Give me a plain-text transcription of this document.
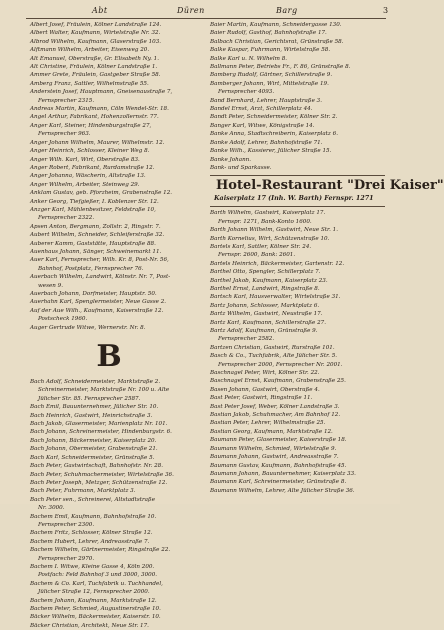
Abt	Düren	Barg	3
Albert Josef, Fräulein, Kölner Landstraße 124.
Albert Walter, Kaufmann, Wirtelstraße Nr. 32.
Albrod Wilhelm, Kaufmann, Glaserstraße 103.
Alftmann Wilhelm, Arbeiter, Eisenweg 20.
Alt Emanuel, Oberstraße, Gr. Elisabeth Ny. 1.
Alt Christine, Fräulein, Kölner Landstraße 1.
Ammer Grete, Fräulein, Gastgeber Straße 58.
Amberg Franz, Sattler, Wilhelmstraße 55.
Anderstein Josef, Hauptmann, Gneisenaustraße 7,
Fernsprecher 2315.
Andreas Martin, Kaufmann, Cöln Wendel-Str. 18.
Angel Arthur, Fabrikant, Hohenzollernstr. 77.
Anger Karl, Steiner, Hindenburgstraße 27,
Fernsprecher 963.
Anger Johann Wilhelm, Maurer, Wilhelmstr. 12.
Anger Heinrich, Schlosser, Kleiner Weg 8.
Anger Wilh. Karl, Wirt, Oberstraße 83.
Anger Robert, Fabrikant, Rurdamstraße 12.
Anger Johanna, Wäscherin, Altstraße 13.
Anger Wilhelm, Arbeiter, Steinweg 29.
Anklam Gustav, geb. Pforzheim, Grabenstraße 12.
Anker Georg, Tiefgießer, I. Koblenzer Str. 12.
Anzger Karl, Mühlenbesitzer, Feldstraße 10,
Fernsprecher 2322.
Apsen Anton, Bergmann, Zollstr. 2, Ringstr. 7.
Aubert Wilhelm, Schneider, Schleiferstraße 32.
Auberer Kamm, Gaststätte, Hauptstraße 88.
Auenhaus Johann, Sänger, Schweinemarkt 11.
Auer Karl, Fernsprecher, Wilh. Kr. 8, Post-Nr. 56,
Bahnhof, Postplatz, Fernsprecher 76.
Auerbach Wilhelm, Landwirt, Kölnstr. Nr. 7, Post-
wesen 9.
Auerbach Johann, Dorfmeister, Hauptstr. 50.
Auerhahn Karl, Spenglermeister, Neue Gasse 2.
Auf der Aue Wilh., Kaufmann, Kaiserstraße 12.
Postscheck 1960.
Auger Gertrude Witwe, Wernerstr. Nr. 8.
B
Bach Adolf, Schneidermeister, Marktstraße 2.
Schreinermeister, Marktstraße Nr. 100 u. Alte
Jülicher Str. 85. Fernsprecher 2587.
Bach Emil, Bauunternehmer, Jülicher Str. 10.
Bach Heinrich, Gastwirt, Heinrichstraße 3.
Bach Jakob, Glasermeister, Marienplatz Nr. 101.
Bach Johann, Schreinermeister, Hindenburgstr. 6.
Bach Johann, Bäckermeister, Kaiserplatz 20.
Bach Johann, Obermeister, Grabenstraße 21.
Bach Karl, Schneidermeister, Grünstraße 5.
Bach Peter, Gastwirtschaft, Bahnhofstr. Nr. 28.
Bach Peter, Schuhmachermeister, Wirtelstraße 36.
Bach Peter Joseph, Metzger, Schützenstraße 12.
Bach Peter, Fuhrmann, Marktplatz 3.
Bach Peter sen., Schreinerei, Altstadtstraße
Nr. 3000.
Bachem Emil, Kaufmann, Bahnhofstraße 10.
Fernsprecher 2300.
Bachem Fritz, Schlosser, Kölner Straße 12.
Bachem Hubert, Lehrer, Andreasstraße 7.
Bachem Wilhelm, Gärtnermeister, Ringstraße 22.
Fernsprecher 2970.
Bachem I. Witwe, Kleine Gasse 4, Köln 200.
Postfach: Feld Bahnhof 3 und 3000, 3000.
Bachem & Co. Karl, Tuchfabrik u. Tuchhandel,
Jülicher Straße 12, Fernsprecher 2000.
Bachem Johann, Kaufmann, Marktstraße 12.
Bachem Peter, Schmied, Augustinerstraße 10.
Bäcker Wilhelm, Bäckermeister, Kaiserstr. 10.
Bäcker Christian, Architekt, Neue Str. 17.
Baier Martin, Kaufmann, Schneidergasse 130.
Baier Rudolf, Gasthof, Bahnhofstraße 17.
Balbach Christian, Gerichtsrat, Grünstraße 58.
Balke Kaspar, Fuhrmann, Wirtelstraße 58.
Balke Karl u. N. Wilhelm 8.
Ballmann Peter, Betriebs Fr., F. 86, Grünstraße 8.
Bamberg Rudolf, Gärtner, Schillerstraße 9.
Bamberger Johann, Wirt, Mittelstraße 19.
Fernsprecher 4093.
Band Bernhard, Lehrer, Hauptstraße 3.
Bandel Ernst, Arzt, Schillerplatz 44.
Bandt Peter, Schneidermeister, Kölner Str. 2.
Banger Karl, Witwe, Königstraße 14.
Banke Anna, Stadtschreiberin, Kaiserplatz 6.
Banke Adolf, Lehrer, Bahnhofstraße 71.
Banke Wilh., Kassierer, Jülicher Straße 15.
Banke Johann.
Bank- und Sparkasse.
Hotel-Restaurant "Drei Kaiser"
Kaiserplatz 17 (Inh. W. Barth) Fernspr. 1271
Barth Wilhelm, Gastwirt, Kaiserplatz 17.
Fernspr. 1271, Bank-Konto 1600.
Barth Johann Wilhelm, Gastwirt, Neue Str. 1.
Barth Kornelius, Wirt, Schützenstraße 10.
Bartels Karl, Sattler, Kölner Str. 24.
Fernspr. 2600, Bank: 2601.
Bartels Heinrich, Bäckermeister, Gartenstr. 12.
Barthel Otto, Spengler, Schillerplatz 7.
Barthel Jakob, Kaufmann, Kaiserplatz 23.
Barthel Ernst, Landwirt, Ringstraße 8.
Bartsch Karl, Hausverwalter, Wirtelstraße 31.
Bartz Johann, Schlosser, Marktplatz 6.
Bartz Wilhelm, Gastwirt, Neustraße 17.
Bartz Karl, Kaufmann, Schillerstraße 27.
Bartz Adolf, Kaufmann, Grünstraße 9.
Fernsprecher 2582.
Bartzen Christian, Gastwirt, Rurstraße 101.
Basch & Co., Tuchfabrik, Alte Jülicher Str. 5.
Fernsprecher 2000, Fernsprecher Nr. 2001.
Baschnagel Peter, Wirt, Kölner Str. 22.
Baschnagel Ernst, Kaufmann, Grabenstraße 25.
Basen Johann, Gastwirt, Oberstraße 4.
Bast Peter, Gastwirt, Ringstraße 11.
Bast Peter Josef, Weber, Kölner Landstraße 3.
Bastian Jakob, Schuhmacher, Am Bahnhof 12.
Bastian Peter, Lehrer, Wilhelmstraße 25.
Bastian Georg, Kaufmann, Marktstraße 12.
Baumann Peter, Glasermeister, Kaiserstraße 18.
Baumann Wilhelm, Schmied, Wirtelstraße 9.
Baumann Johann, Gastwirt, Andreasstraße 7.
Baumann Gustav, Kaufmann, Bahnhofstraße 45.
Baumann Johann, Bauunternehmer, Kaiserplatz 33.
Baumann Karl, Schreinermeister, Grünstraße 8.
Baumann Wilhelm, Lehrer, Alte Jülicher Straße 36.
